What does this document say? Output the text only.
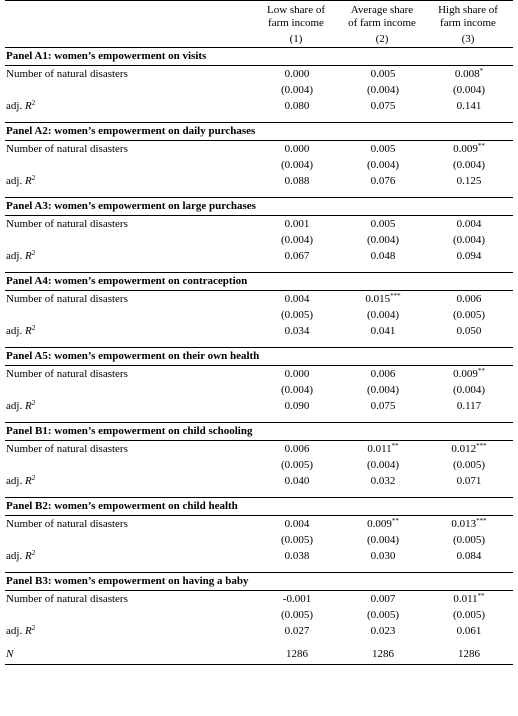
Low share of
farm income
Average share
of farm income
High share of
farm income
(1)	(2)	(3)
Panel A1: women’s empowerment on visits
Number of natural disasters	0.000	0.005	0.008*
(0.004)	(0.004)	(0.004)
adj. $R^2$	0.080	0.075	0.141
Panel A2: women’s empowerment on daily purchases
Number of natural disasters	0.000	0.005	0.009**
(0.004)	(0.004)	(0.004)
adj. $R^2$	0.088	0.076	0.125
Panel A3: women’s empowerment on large purchases
Number of natural disasters	0.001	0.005	0.004
(0.004)	(0.004)	(0.004)
adj. $R^2$	0.067	0.048	0.094
Panel A4: women’s empowerment on contraception
Number of natural disasters	0.004	0.015***	0.006
(0.005)	(0.004)	(0.005)
adj. $R^2$	0.034	0.041	0.050
Panel A5: women’s empowerment on their own health
Number of natural disasters	0.000	0.006	0.009**
(0.004)	(0.004)	(0.004)
adj. $R^2$	0.090	0.075	0.117
Panel B1: women’s empowerment on child schooling
Number of natural disasters	0.006	0.011**	0.012***
(0.005)	(0.004)	(0.005)
adj. $R^2$	0.040	0.032	0.071
Panel B2: women’s empowerment on child health
Number of natural disasters	0.004	0.009**	0.013***
(0.005)	(0.004)	(0.005)
adj. $R^2$	0.038	0.030	0.084
Panel B3: women’s empowerment on having a baby
Number of natural disasters	-0.001	0.007	0.011**
(0.005)	(0.005)	(0.005)
adj. $R^2$	0.027	0.023	0.061
N	1286	1286	1286
